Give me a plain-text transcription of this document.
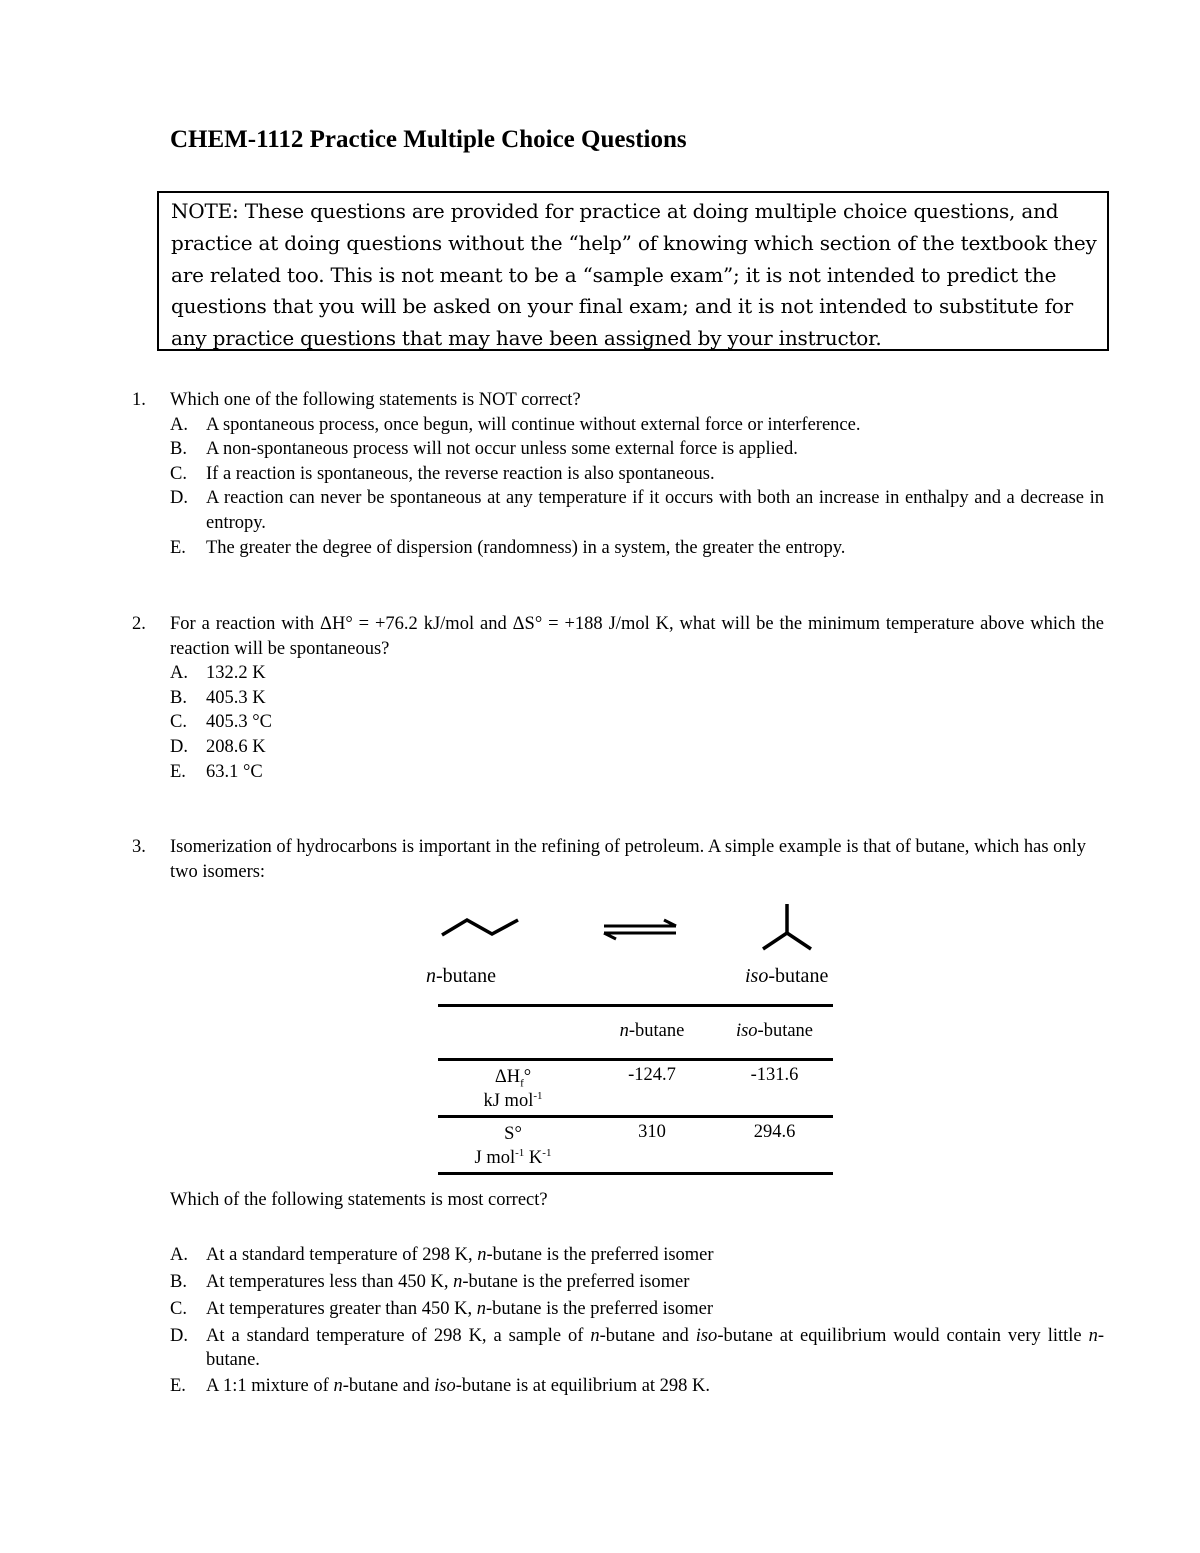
CHEM-1112 Practice Multiple Choice Questions
NOTE: These questions are provided for practice at doing multiple choice questions, and practice at doing questions without the “help” of knowing which section of the textbook they are related too. This is not meant to be a “sample exam”; it is not intended to predict the questions that you will be asked on your final exam; and it is not intended to substitute for any practice questions that may have been assigned by your instructor.
1. Which one of the following statements is NOT correct?
A. A spontaneous process, once begun, will continue without external force or interference.
B. A non-spontaneous process will not occur unless some external force is applied.
C. If a reaction is spontaneous, the reverse reaction is also spontaneous.
D. A reaction can never be spontaneous at any temperature if it occurs with both an increase in enthalpy and a decrease in entropy.
E. The greater the degree of dispersion (randomness) in a system, the greater the entropy.
2. For a reaction with ΔH° = +76.2 kJ/mol and ΔS° = +188 J/mol K, what will be the minimum temperature above which the reaction will be spontaneous?
A. 132.2 K
B. 405.3 K
C. 405.3 °C
D. 208.6 K
E. 63.1 °C
3. Isomerization of hydrocarbons is important in the refining of petroleum. A simple example is that of butane, which has only two isomers:
n-butane	iso-butane
	n-butane	iso-butane
$\Delta H_f^\circ$
kJ mol$^{-1}$	-124.7	-131.6
S°
J mol$^{-1}$ $K^{-1}$	310	294.6
Which of the following statements is most correct?
A. At a standard temperature of 298 K, n-butane is the preferred isomer
B. At temperatures less than 450 K, n-butane is the preferred isomer
C. At temperatures greater than 450 K, n-butane is the preferred isomer
D. At a standard temperature of 298 K, a sample of n-butane and iso-butane at equilibrium would contain very little n-butane.
E. A 1:1 mixture of n-butane and iso-butane is at equilibrium at 298 K.
